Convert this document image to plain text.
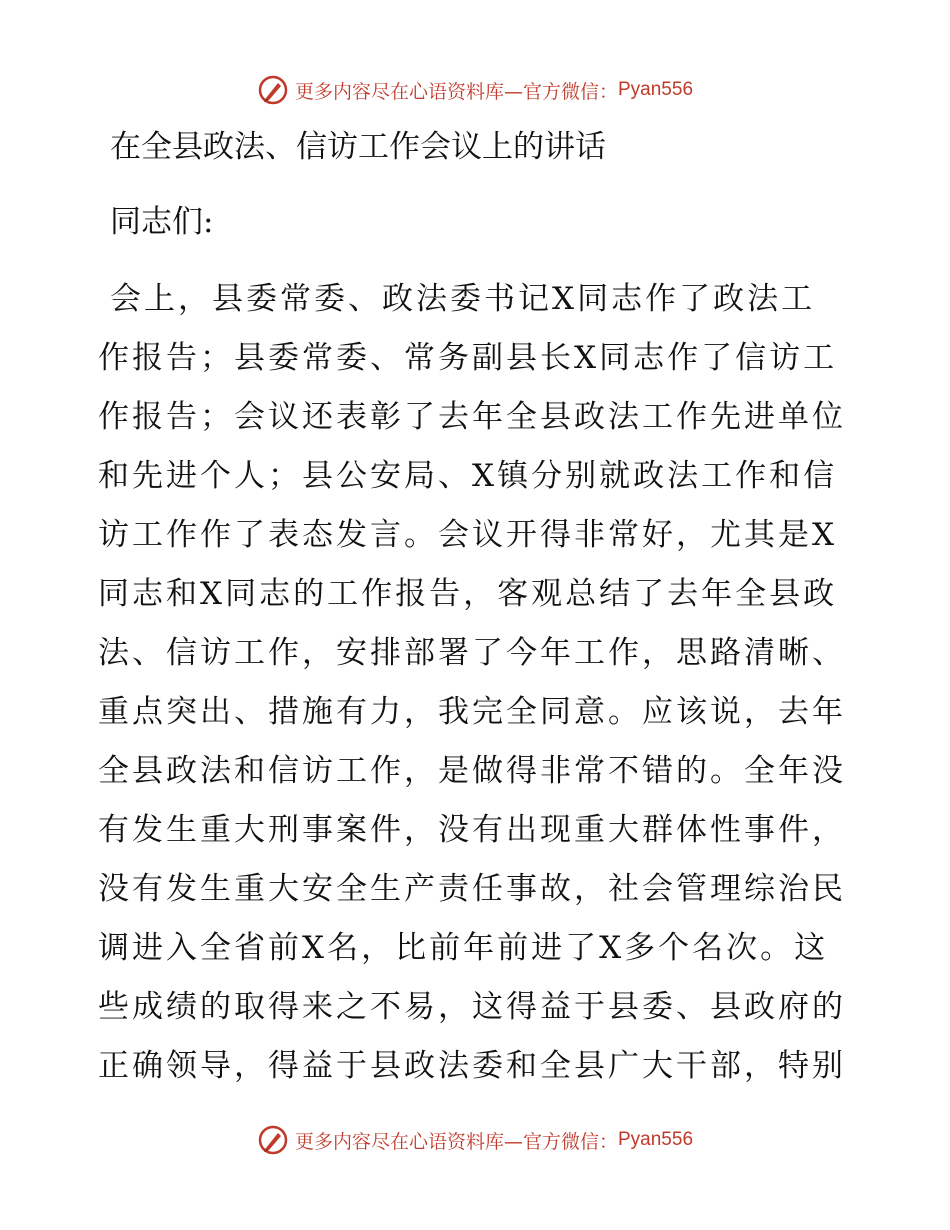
更多内容尽在心语资料库—官方微信： Pyan556
在全县政法、信访工作会议上的讲话
同志们:
会上，县委常委、政法委书记X同志作了政法工
作报告；县委常委、常务副县长X同志作了信访工
作报告；会议还表彰了去年全县政法工作先进单位
和先进个人；县公安局、X镇分别就政法工作和信
访工作作了表态发言。会议开得非常好，尤其是X
同志和X同志的工作报告，客观总结了去年全县政
法、信访工作，安排部署了今年工作，思路清晰、
重点突出、措施有力，我完全同意。应该说，去年
全县政法和信访工作，是做得非常不错的。全年没
有发生重大刑事案件，没有出现重大群体性事件，
没有发生重大安全生产责任事故，社会管理综治民
调进入全省前X名，比前年前进了X多个名次。这
些成绩的取得来之不易，这得益于县委、县政府的
正确领导，得益于县政法委和全县广大干部，特别
更多内容尽在心语资料库—官方微信： Pyan556
